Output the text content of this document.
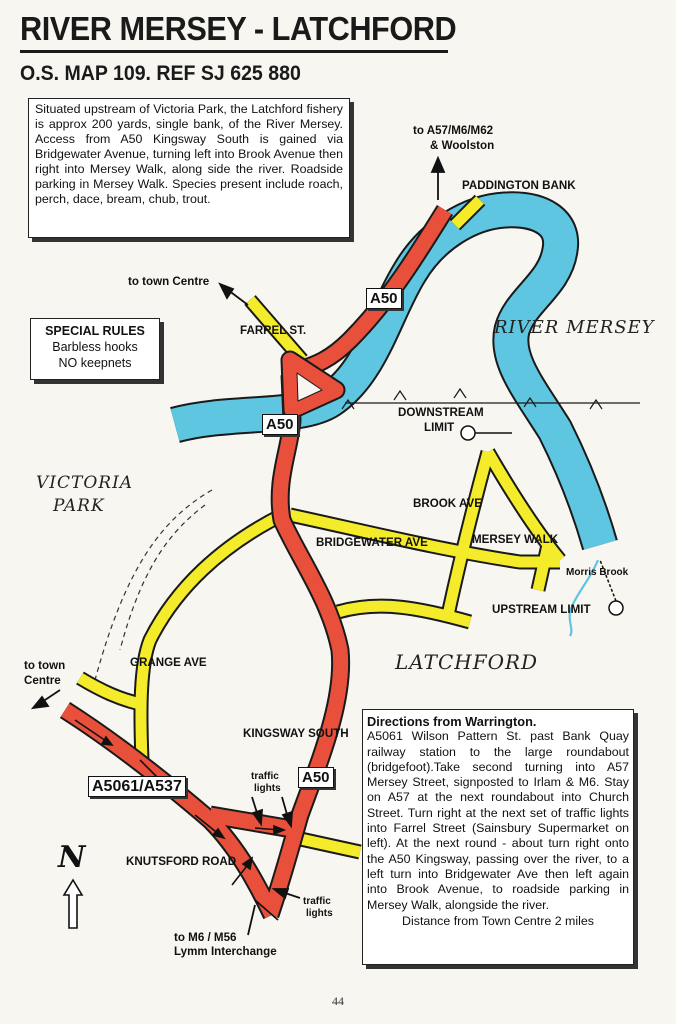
RIVER MERSEY - LATCHFORD
O.S. MAP 109. REF SJ 625 880
Situated upstream of Victoria Park, the Latchford fishery is approx 200 yards, single bank, of the River Mersey. Access from A50 Kingsway South is gained via Bridgewater Avenue, turning left into Brook Avenue then right into Mersey Walk, along side the river. Roadside parking in Mersey Walk. Species present include roach, perch, dace, bream, chub, trout.
SPECIAL RULES
Barbless hooks
NO keepnets
Directions from Warrington.
A5061 Wilson Pattern St. past Bank Quay railway station to the large roundabout (bridgefoot).Take second turning into A57 Mersey Street, signposted to Irlam & M6. Stay on A57 at the next roundabout into Church Street. Turn right at the next set of traffic lights into Farrel Street (Sainsbury Supermarket on left). At the next round - about turn right onto the A50 Kingsway, passing over the river, to a left turn into Bridgewater Ave then left again into Brook Avenue, to roadside parking in Mersey Walk, alongside the river.
Distance from Town Centre 2 miles
to A57/M6/M62
& Woolston
PADDINGTON BANK
to town Centre
A50
FARREL ST.	RIVER MERSEY
A50
DOWNSTREAM
LIMIT
VICTORIA
PARK	BROOK AVE
BRIDGEWATER AVE	MERSEY WALK
Morris Brook
UPSTREAM LIMIT
to town
Centre
GRANGE AVE	LATCHFORD
KINGSWAY SOUTH
A5061/A537
traffic
lights
A50
KNUTSFORD ROAD
traffic
lights
to M6 / M56
Lymm Interchange
N
44
